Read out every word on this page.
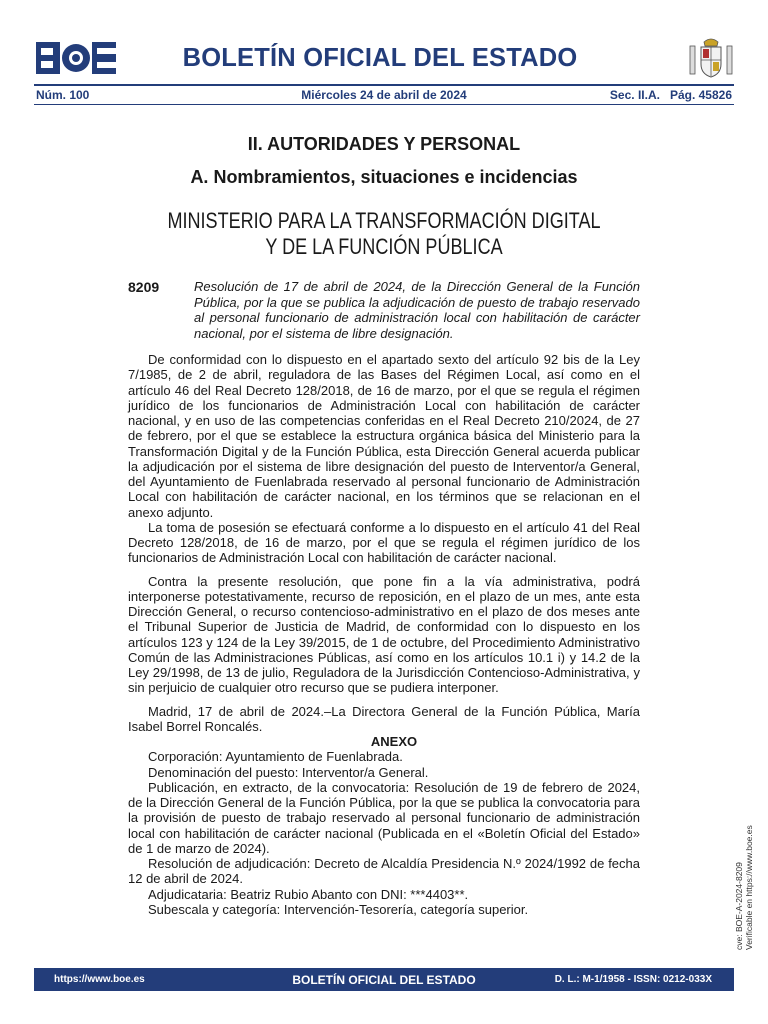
BOLETÍN OFICIAL DEL ESTADO
Núm. 100	Miércoles 24 de abril de 2024	Sec. II.A.   Pág. 45826
II. AUTORIDADES Y PERSONAL
A. Nombramientos, situaciones e incidencias
MINISTERIO PARA LA TRANSFORMACIÓN DIGITAL
Y DE LA FUNCIÓN PÚBLICA
8209	Resolución de 17 de abril de 2024, de la Dirección General de la Función Pública, por la que se publica la adjudicación de puesto de trabajo reservado al personal funcionario de administración local con habilitación de carácter nacional, por el sistema de libre designación.

De conformidad con lo dispuesto en el apartado sexto del artículo 92 bis de la Ley 7/1985, de 2 de abril, reguladora de las Bases del Régimen Local, así como en el artículo 46 del Real Decreto 128/2018, de 16 de marzo, por el que se regula el régimen jurídico de los funcionarios de Administración Local con habilitación de carácter nacional, y en uso de las competencias conferidas en el Real Decreto 210/2024, de 27 de febrero, por el que se establece la estructura orgánica básica del Ministerio para la Transformación Digital y de la Función Pública, esta Dirección General acuerda publicar la adjudicación por el sistema de libre designación del puesto de Interventor/a General, del Ayuntamiento de Fuenlabrada reservado al personal funcionario de Administración Local con habilitación de carácter nacional, en los términos que se relacionan en el anexo adjunto.

La toma de posesión se efectuará conforme a lo dispuesto en el artículo 41 del Real Decreto 128/2018, de 16 de marzo, por el que se regula el régimen jurídico de los funcionarios de Administración Local con habilitación de carácter nacional.

Contra la presente resolución, que pone fin a la vía administrativa, podrá interponerse potestativamente, recurso de reposición, en el plazo de un mes, ante esta Dirección General, o recurso contencioso-administrativo en el plazo de dos meses ante el Tribunal Superior de Justicia de Madrid, de conformidad con lo dispuesto en los artículos 123 y 124 de la Ley 39/2015, de 1 de octubre, del Procedimiento Administrativo Común de las Administraciones Públicas, así como en los artículos 10.1 i) y 14.2 de la Ley 29/1998, de 13 de julio, Reguladora de la Jurisdicción Contencioso-Administrativa, y sin perjuicio de cualquier otro recurso que se pudiera interponer.

Madrid, 17 de abril de 2024.–La Directora General de la Función Pública, María Isabel Borrel Roncalés.

ANEXO

Corporación: Ayuntamiento de Fuenlabrada.

Denominación del puesto: Interventor/a General.

Publicación, en extracto, de la convocatoria: Resolución de 19 de febrero de 2024, de la Dirección General de la Función Pública, por la que se publica la convocatoria para la provisión de puesto de trabajo reservado al personal funcionario de administración local con habilitación de carácter nacional (Publicada en el «Boletín Oficial del Estado» de 1 de marzo de 2024).

Resolución de adjudicación: Decreto de Alcaldía Presidencia N.º 2024/1992 de fecha 12 de abril de 2024.

Adjudicataria: Beatriz Rubio Abanto con DNI: ***4403**.

Subescala y categoría: Intervención-Tesorería, categoría superior.	cve: BOE-A-2024-8209 Verificable en https://www.boe.es
https://www.boe.es	BOLETÍN OFICIAL DEL ESTADO	D. L.: M-1/1958 - ISSN: 0212-033X
